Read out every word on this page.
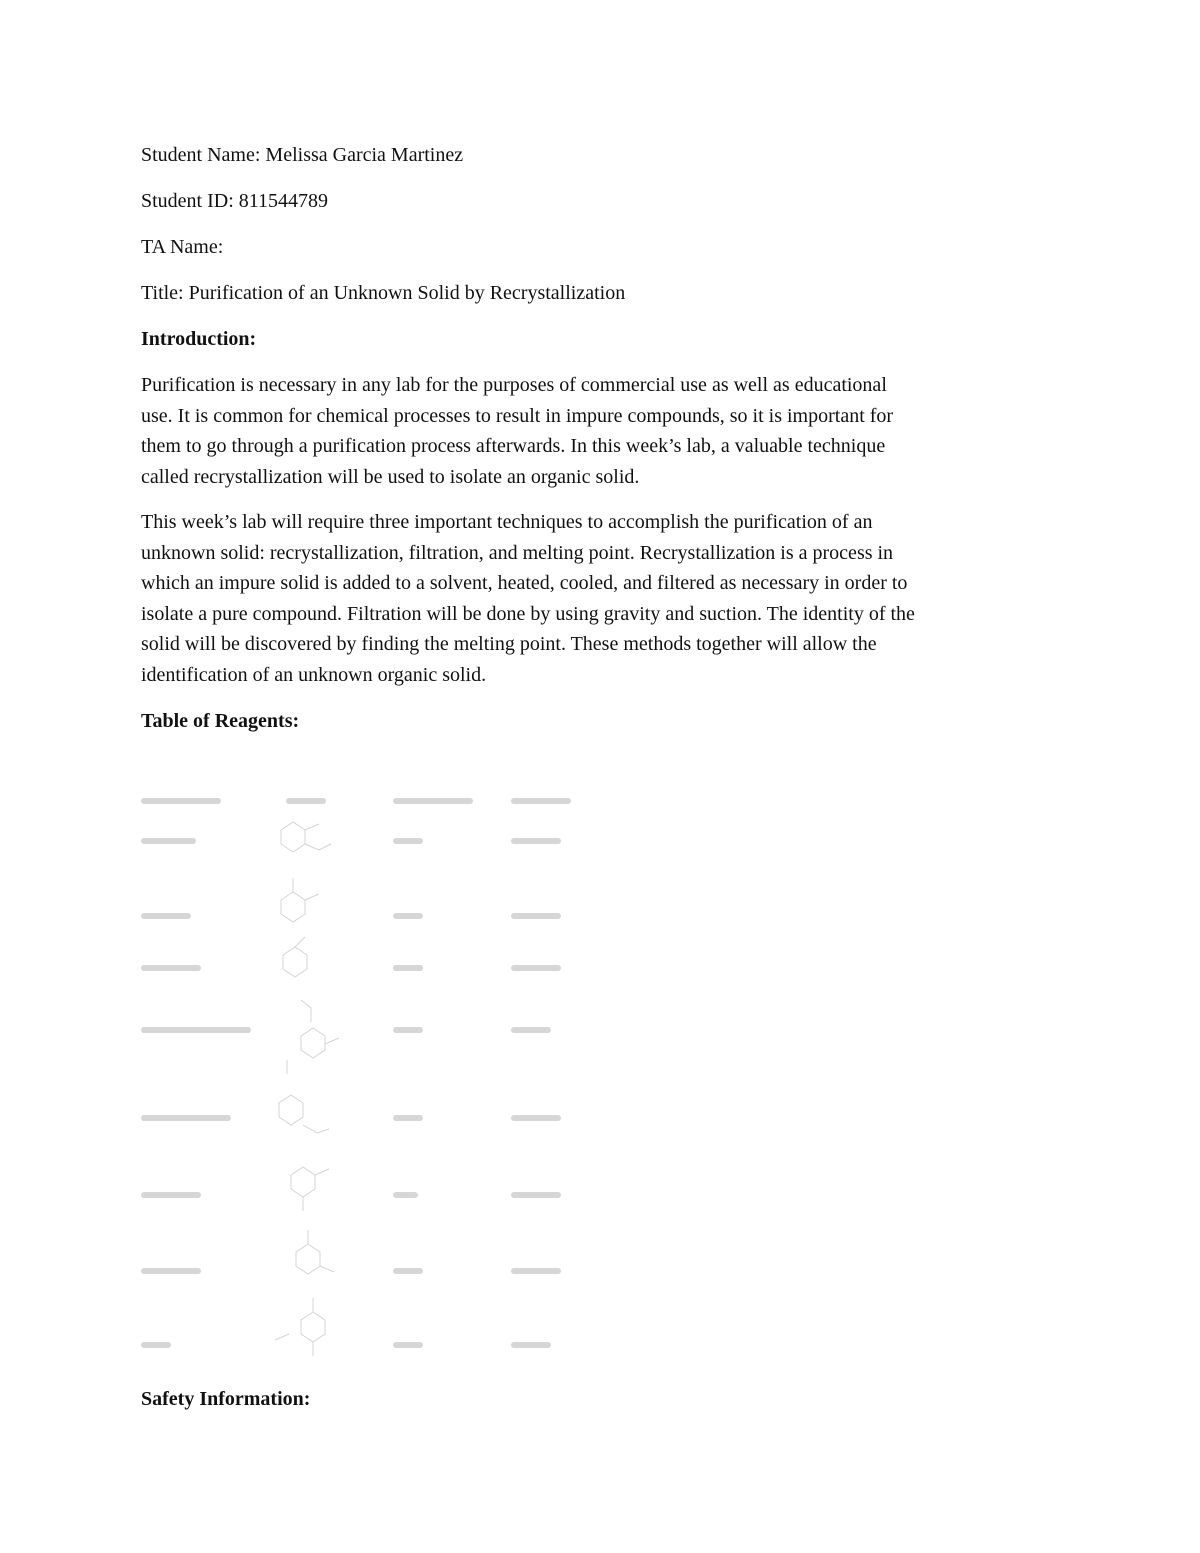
Student Name: Melissa Garcia Martinez
Student ID: 811544789
TA Name:
Title: Purification of an Unknown Solid by Recrystallization
Introduction:

Purification is necessary in any lab for the purposes of commercial use as well as educational

use. It is common for chemical processes to result in impure compounds, so it is important for

them to go through a purification process afterwards. In this week’s lab, a valuable technique

called recrystallization will be used to isolate an organic solid.

This week’s lab will require three important techniques to accomplish the purification of an

unknown solid: recrystallization, filtration, and melting point. Recrystallization is a process in

which an impure solid is added to a solvent, heated, cooled, and filtered as necessary in order to

isolate a pure compound. Filtration will be done by using gravity and suction. The identity of the

solid will be discovered by finding the melting point. These methods together will allow the

identification of an unknown organic solid.

Table of Reagents:
Safety Information:
